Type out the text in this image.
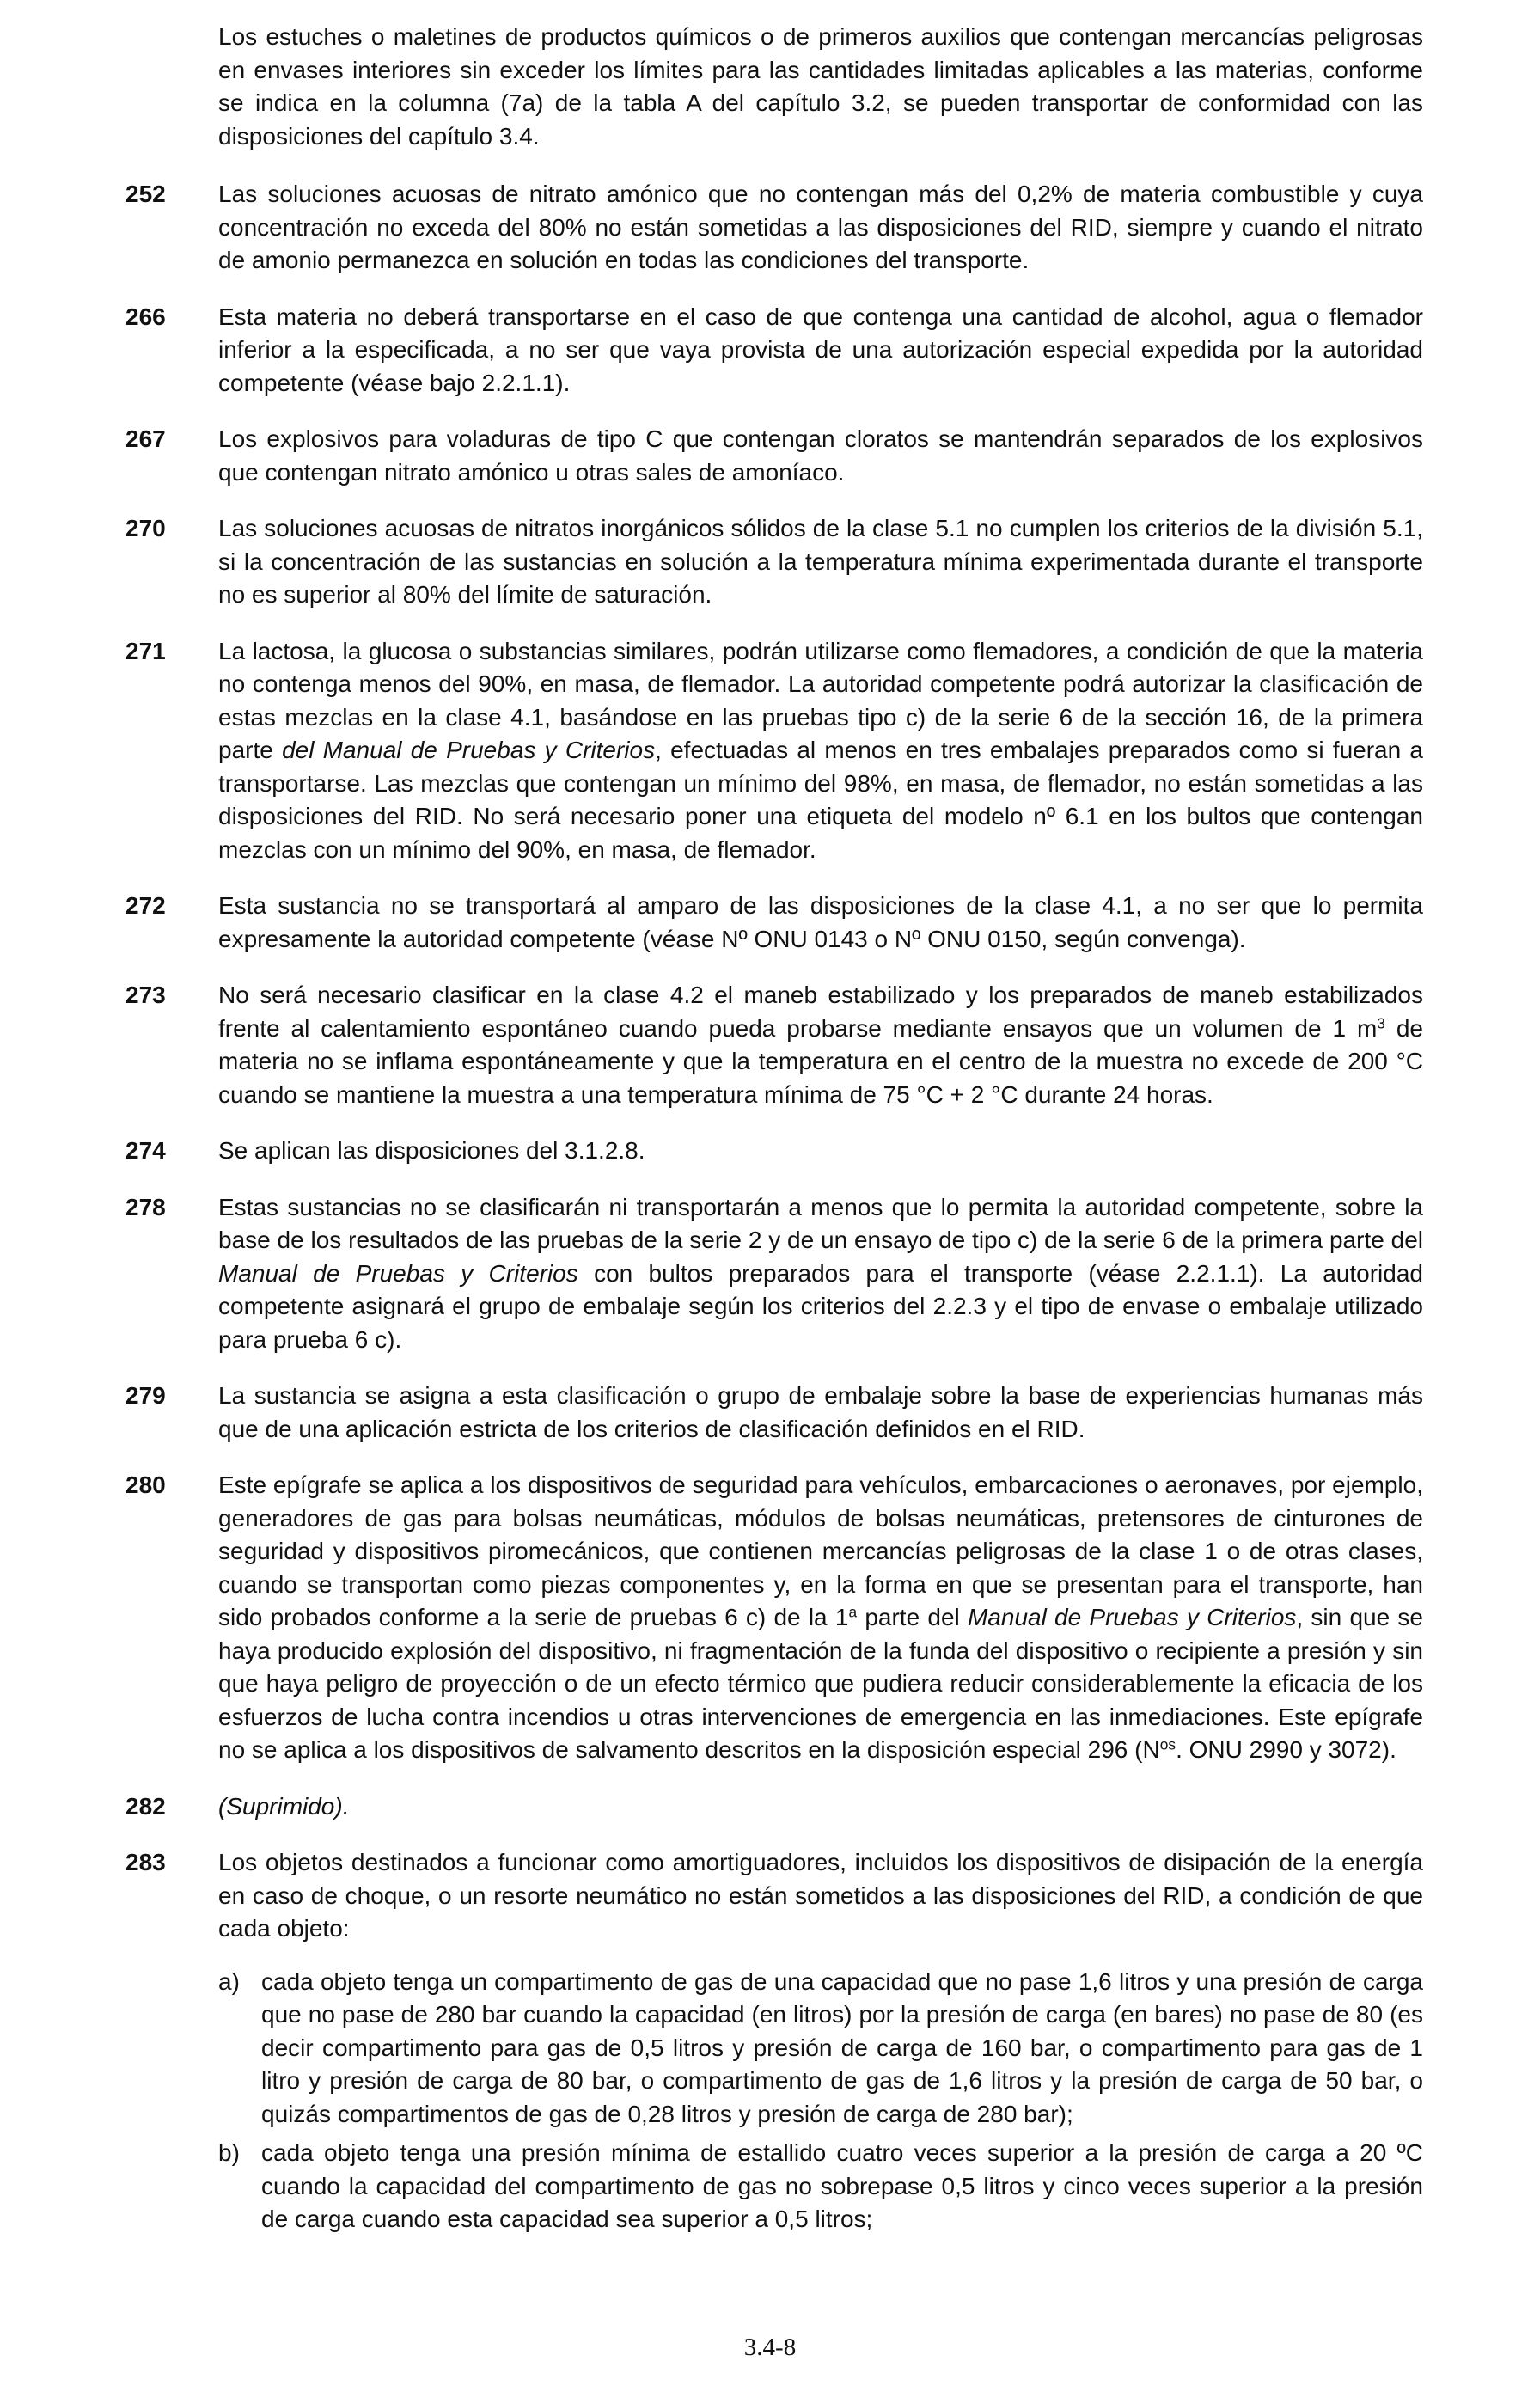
Los estuches o maletines de productos químicos o de primeros auxilios que contengan mercancías peligrosas en envases interiores sin exceder los límites para las cantidades limitadas aplicables a las materias, conforme se indica en la columna (7a) de la tabla A del capítulo 3.2, se pueden transportar de conformidad con las disposiciones del capítulo 3.4.
252	Las soluciones acuosas de nitrato amónico que no contengan más del 0,2% de materia combustible y cuya concentración no exceda del 80% no están sometidas a las disposiciones del RID, siempre y cuando el nitrato de amonio permanezca en solución en todas las condiciones del transporte.
266	Esta materia no deberá transportarse en el caso de que contenga una cantidad de alcohol, agua o flemador inferior a la especificada, a no ser que vaya provista de una autorización especial expedida por la autoridad competente (véase bajo 2.2.1.1).
267	Los explosivos para voladuras de tipo C que contengan cloratos se mantendrán separados de los explosivos que contengan nitrato amónico u otras sales de amoníaco.
270	Las soluciones acuosas de nitratos inorgánicos sólidos de la clase 5.1 no cumplen los criterios de la división 5.1, si la concentración de las sustancias en solución a la temperatura mínima experimentada durante el transporte no es superior al 80% del límite de saturación.
271	La lactosa, la glucosa o substancias similares, podrán utilizarse como flemadores, a condición de que la materia no contenga menos del 90%, en masa, de flemador. La autoridad competente podrá autorizar la clasificación de estas mezclas en la clase 4.1, basándose en las pruebas tipo c) de la serie 6 de la sección 16, de la primera parte del Manual de Pruebas y Criterios, efectuadas al menos en tres embalajes preparados como si fueran a transportarse. Las mezclas que contengan un mínimo del 98%, en masa, de flemador, no están sometidas a las disposiciones del RID. No será necesario poner una etiqueta del modelo nº 6.1 en los bultos que contengan mezclas con un mínimo del 90%, en masa, de flemador.
272	Esta sustancia no se transportará al amparo de las disposiciones de la clase 4.1, a no ser que lo permita expresamente la autoridad competente (véase Nº ONU 0143 o Nº ONU 0150, según convenga).
273	No será necesario clasificar en la clase 4.2 el maneb estabilizado y los preparados de maneb estabilizados frente al calentamiento espontáneo cuando pueda probarse mediante ensayos que un volumen de 1 $m^3$ de materia no se inflama espontáneamente y que la temperatura en el centro de la muestra no excede de 200 °C cuando se mantiene la muestra a una temperatura mínima de 75 °C + 2 °C durante 24 horas.
274	Se aplican las disposiciones del 3.1.2.8.
278	Estas sustancias no se clasificarán ni transportarán a menos que lo permita la autoridad competente, sobre la base de los resultados de las pruebas de la serie 2 y de un ensayo de tipo c) de la serie 6 de la primera parte del Manual de Pruebas y Criterios con bultos preparados para el transporte (véase 2.2.1.1). La autoridad competente asignará el grupo de embalaje según los criterios del 2.2.3 y el tipo de envase o embalaje utilizado para prueba 6 c).
279	La sustancia se asigna a esta clasificación o grupo de embalaje sobre la base de experiencias humanas más que de una aplicación estricta de los criterios de clasificación definidos en el RID.
280	Este epígrafe se aplica a los dispositivos de seguridad para vehículos, embarcaciones o aeronaves, por ejemplo, generadores de gas para bolsas neumáticas, módulos de bolsas neumáticas, pretensores de cinturones de seguridad y dispositivos piromecánicos, que contienen mercancías peligrosas de la clase 1 o de otras clases, cuando se transportan como piezas componentes y, en la forma en que se presentan para el transporte, han sido probados conforme a la serie de pruebas 6 c) de la 1$^a$ parte del Manual de Pruebas y Criterios, sin que se haya producido explosión del dispositivo, ni fragmentación de la funda del dispositivo o recipiente a presión y sin que haya peligro de proyección o de un efecto térmico que pudiera reducir considerablemente la eficacia de los esfuerzos de lucha contra incendios u otras intervenciones de emergencia en las inmediaciones. Este epígrafe no se aplica a los dispositivos de salvamento descritos en la disposición especial 296 ($N^{os}$. ONU 2990 y 3072).
282	(Suprimido).
283	Los objetos destinados a funcionar como amortiguadores, incluidos los dispositivos de disipación de la energía en caso de choque, o un resorte neumático no están sometidos a las disposiciones del RID, a condición de que cada objeto:
a) cada objeto tenga un compartimento de gas de una capacidad que no pase 1,6 litros y una presión de carga que no pase de 280 bar cuando la capacidad (en litros) por la presión de carga (en bares) no pase de 80 (es decir compartimento para gas de 0,5 litros y presión de carga de 160 bar, o compartimento para gas de 1 litro y presión de carga de 80 bar, o compartimento de gas de 1,6 litros y la presión de carga de 50 bar, o quizás compartimentos de gas de 0,28 litros y presión de carga de 280 bar);
b) cada objeto tenga una presión mínima de estallido cuatro veces superior a la presión de carga a 20 ºC cuando la capacidad del compartimento de gas no sobrepase 0,5 litros y cinco veces superior a la presión de carga cuando esta capacidad sea superior a 0,5 litros;
3.4-8
